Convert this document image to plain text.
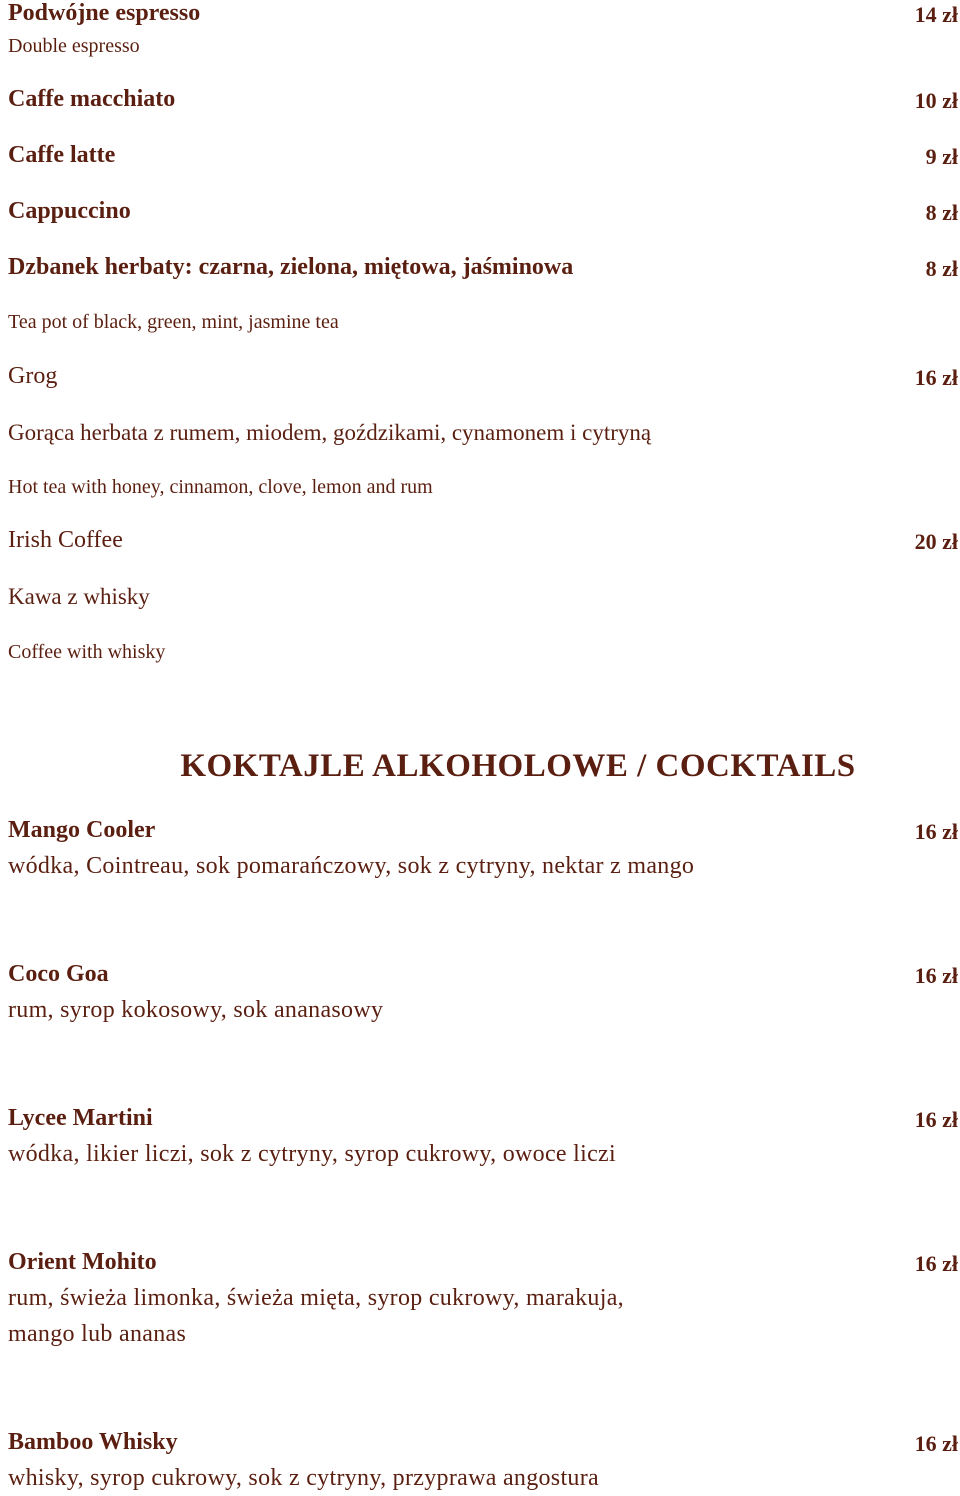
Podwójne espresso	14 zł
Double espresso
Caffe macchiato	10 zł
Caffe latte	9 zł
Cappuccino	8 zł
Dzbanek herbaty: czarna, zielona, miętowa, jaśminowa	8 zł
Tea pot of black, green, mint, jasmine tea
Grog	16 zł
Gorąca herbata z rumem, miodem, goździkami, cynamonem i cytryną
Hot tea with honey, cinnamon, clove, lemon and rum
Irish Coffee	20 zł
Kawa z whisky
Coffee with whisky
KOKTAJLE ALKOHOLOWE / COCKTAILS
Mango Cooler	16 zł
wódka, Cointreau, sok pomarańczowy, sok z cytryny, nektar z mango
Coco Goa	16 zł
rum, syrop kokosowy, sok ananasowy
Lycee Martini	16 zł
wódka, likier liczi, sok z cytryny, syrop cukrowy, owoce liczi
Orient Mohito	16 zł
rum, świeża limonka, świeża mięta, syrop cukrowy, marakuja,
mango lub ananas
Bamboo Whisky	16 zł
whisky, syrop cukrowy, sok z cytryny, przyprawa angostura
